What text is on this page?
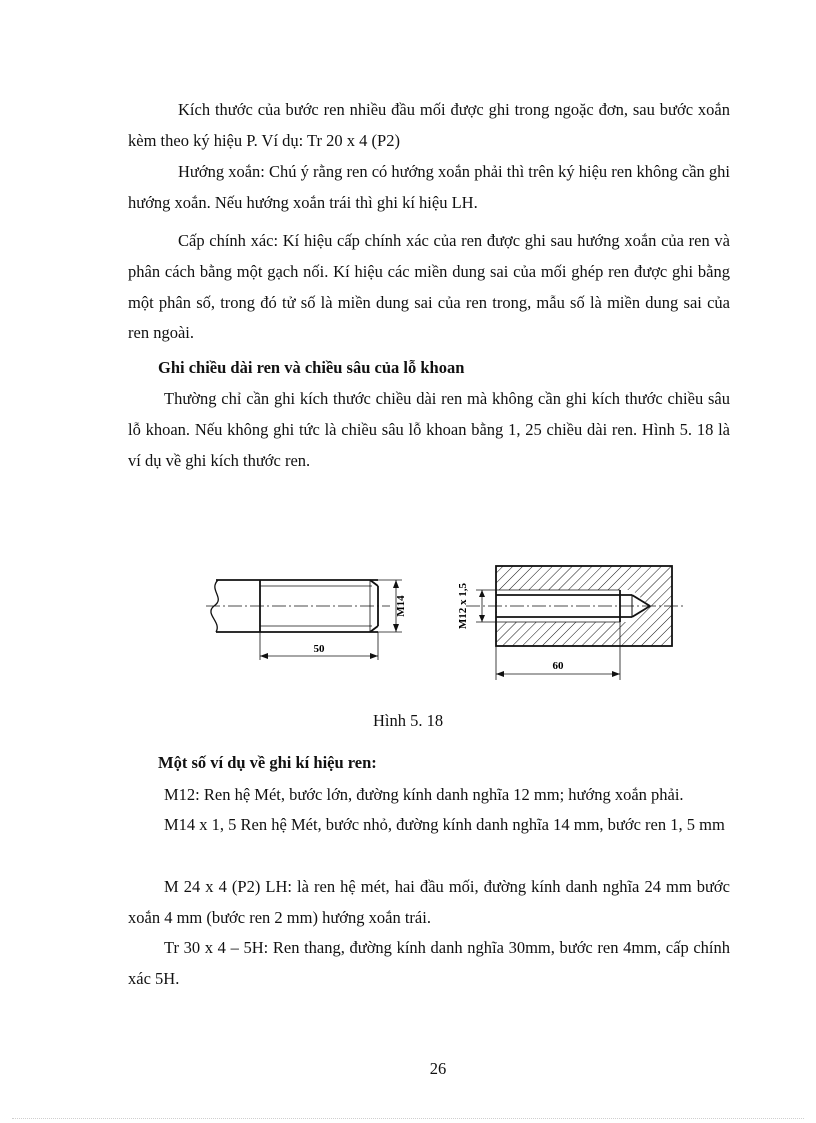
Kích thước của bước ren nhiều đầu mối được ghi trong ngoặc đơn, sau bước xoắn kèm theo ký hiệu P. Ví dụ: Tr 20 x 4 (P2)

Hướng xoắn: Chú ý rằng ren có hướng xoắn phải thì trên ký hiệu ren không cần ghi hướng xoắn. Nếu hướng xoắn trái thì ghi kí hiệu LH.

Cấp chính xác: Kí hiệu cấp chính xác của ren được ghi sau hướng xoắn của ren và phân cách bằng một gạch nối. Kí hiệu các miền dung sai của mối ghép ren được ghi bằng một phân số, trong đó tử số là miền dung sai của ren trong, mẫu số là miền dung sai của ren ngoài.

Ghi chiều dài ren và chiều sâu của lỗ khoan

Thường chỉ cần ghi kích thước chiều dài ren mà không cần ghi kích thước chiều sâu lỗ khoan. Nếu không ghi tức là chiều sâu lỗ khoan bằng 1, 25 chiều dài ren. Hình 5. 18 là ví dụ về ghi kích thước ren.

M14
50
M12 x 1,5
60
Hình 5. 18

Một số ví dụ về ghi kí hiệu ren:

M12: Ren hệ Mét, bước lớn, đường kính danh nghĩa 12 mm; hướng xoắn phải.

M14 x 1, 5 Ren hệ Mét, bước nhỏ, đường kính danh nghĩa 14 mm, bước ren 1, 5 mm

M 24 x 4 (P2) LH: là ren hệ mét, hai đầu mối, đường kính danh nghĩa 24 mm bước xoắn 4 mm (bước ren 2 mm) hướng xoắn trái.

Tr 30 x 4 – 5H: Ren thang, đường kính danh nghĩa 30mm, bước ren 4mm, cấp chính xác 5H.

26
